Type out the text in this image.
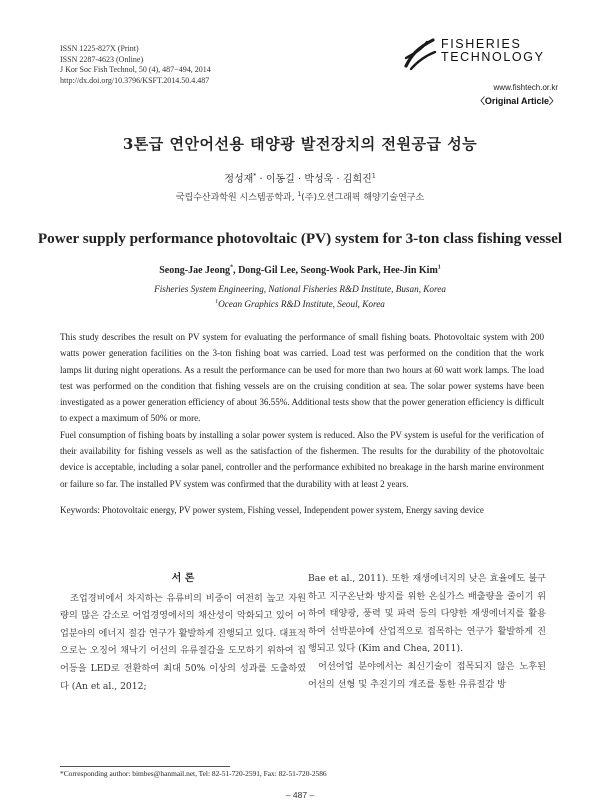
ISSN 1225-827X (Print)
ISSN 2287-4623 (Online)
J Kor Soc Fish Technol, 50 (4), 487−494, 2014
http://dx.doi.org/10.3796/KSFT.2014.50.4.487
FISHERIES
TECHNOLOGY
www.fishtech.or.kr
〈Original Article〉
3톤급 연안어선용 태양광 발전장치의 전원공급 성능
정성재* · 이동길 · 박성욱 · 김희진$^1$
국립수산과학원 시스템공학과, $^1$(주)오션그래픽 해양기술연구소
Power supply performance photovoltaic (PV) system for 3-ton class fishing vessel
Seong-Jae Jeong*, Dong-Gil Lee, Seong-Wook Park, Hee-Jin Kim$^1$
Fisheries System Engineering, National Fisheries R&D Institute, Busan, Korea
$^1$Ocean Graphics R&D Institute, Seoul, Korea

This study describes the result on PV system for evaluating the performance of small fishing boats. Photovoltaic system with 200 watts power generation facilities on the 3-ton fishing boat was carried. Load test was performed on the condition that the work lamps lit during night operations. As a result the performance can be used for more than two hours at 60 watt work lamps. The load test was performed on the condition that fishing vessels are on the cruising condition at sea. The solar power systems have been investigated as a power generation efficiency of about 36.55%. Additional tests show that the power generation efficiency is difficult to expect a maximum of 50% or more.

Fuel consumption of fishing boats by installing a solar power system is reduced. Also the PV system is useful for the verification of their availability for fishing vessels as well as the satisfaction of the fishermen. The results for the durability of the photovoltaic device is acceptable, including a solar panel, controller and the performance exhibited no breakage in the harsh marine environment or failure so far. The installed PV system was confirmed that the durability with at least 2 years.

Keywords: Photovoltaic energy, PV power system, Fishing vessel, Independent power system, Energy saving device
서 론

조업경비에서 차지하는 유류비의 비중이 여전히 높고 자원량의 많은 감소로 어업경영에서의 채산성이 악화되고 있어 어업분야의 에너지 절감 연구가 활발하게 진행되고 있다. 대표적으로는 오징어 채낙기 어선의 유류절감을 도모하기 위하여 집어등을 LED로 전환하여 최대 50% 이상의 성과를 도출하였다 (An et al., 2012;

Bae et al., 2011). 또한 재생에너지의 낮은 효율에도 불구하고 지구온난화 방지를 위한 온실가스 배출량을 줄이기 위하여 태양광, 풍력 및 파력 등의 다양한 재생에너지를 활용하여 선박분야에 산업적으로 접목하는 연구가 활발하게 진행되고 있다 (Kim and Chea, 2011).

어선어업 분야에서는 최신기술이 접목되지 않은 노후된 어선의 선형 및 추진기의 개조를 통한 유류절감 방

*Corresponding author: bimbes@hanmail.net, Tel: 82-51-720-2591, Fax: 82-51-720-2586
– 487 –
